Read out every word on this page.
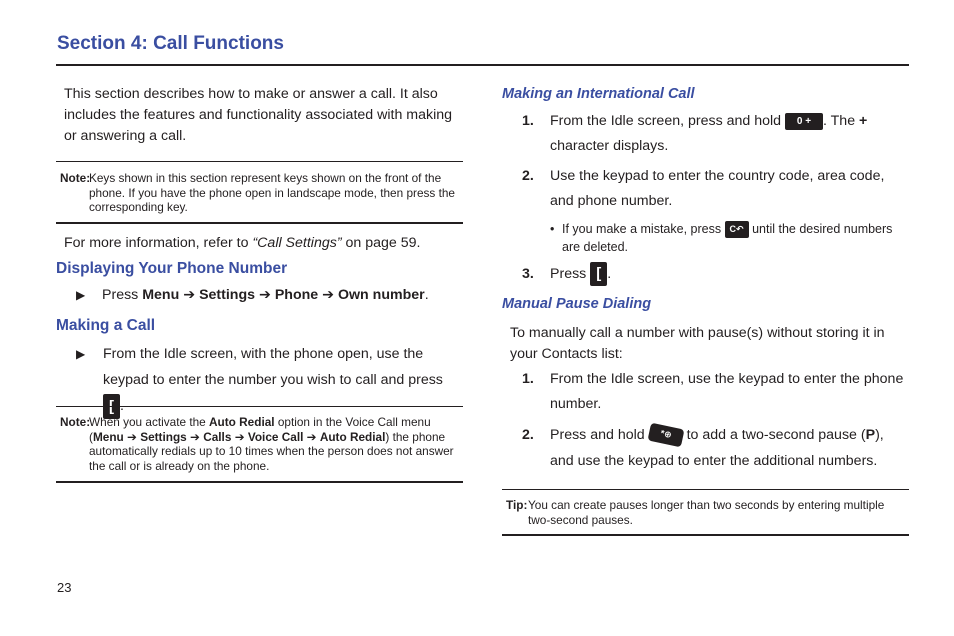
Section 4: Call Functions
This section describes how to make or answer a call. It also includes the features and functionality associated with making or answering a call.
Note:
Keys shown in this section represent keys shown on the front of the phone. If you have the phone open in landscape mode, then press the corresponding key.
For more information, refer to “Call Settings” on page 59.
Displaying Your Phone Number
▶ Press Menu ➔ Settings ➔ Phone ➔ Own number.
Making a Call
▶	From the Idle screen, with the phone open, use the keypad to enter the number you wish to call and press [ .
Note:
When you activate the Auto Redial option in the Voice Call menu (Menu ➔ Settings ➔ Calls ➔ Voice Call ➔ Auto Redial) the phone automatically redials up to 10 times when the person does not answer the call or is already on the phone.
Making an International Call
1.	From the Idle screen, press and hold 0 + . The +
character displays.
2.	Use the keypad to enter the country code, area code, and phone number.
• If you make a mistake, press C↶ until the desired numbers are deleted.
3. Press [ .
Manual Pause Dialing
To manually call a number with pause(s) without storing it in your Contacts list:
1.	From the Idle screen, use the keypad to enter the phone number.
2.	Press and hold *⊕ to add a two-second pause (P), and use the keypad to enter the additional numbers.
Tip: You can create pauses longer than two seconds by entering multiple two-second pauses.
23
